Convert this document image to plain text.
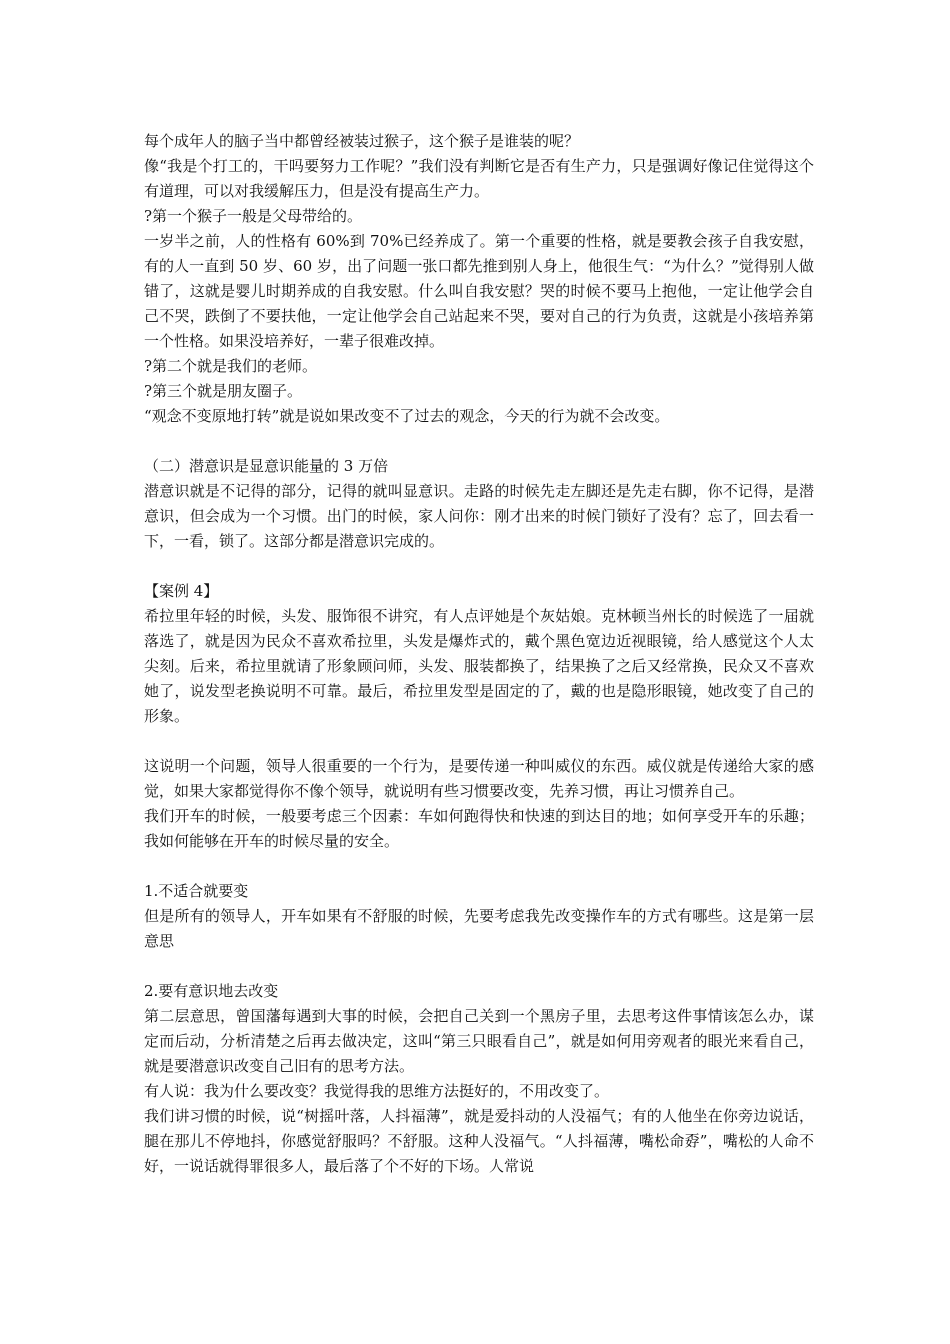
每个成年人的脑子当中都曾经被装过猴子，这个猴子是谁装的呢？

像“我是个打工的，干吗要努力工作呢？”我们没有判断它是否有生产力，只是强调好像记住觉得这个有道理，可以对我缓解压力，但是没有提高生产力。

?第一个猴子一般是父母带给的。

一岁半之前，人的性格有 60%到 70%已经养成了。第一个重要的性格，就是要教会孩子自我安慰，有的人一直到 50 岁、60 岁，出了问题一张口都先推到别人身上，他很生气：“为什么？”觉得别人做错了，这就是婴儿时期养成的自我安慰。什么叫自我安慰？哭的时候不要马上抱他，一定让他学会自己不哭，跌倒了不要扶他，一定让他学会自己站起来不哭，要对自己的行为负责，这就是小孩培养第一个性格。如果没培养好，一辈子很难改掉。

?第二个就是我们的老师。

?第三个就是朋友圈子。

“观念不变原地打转”就是说如果改变不了过去的观念，今天的行为就不会改变。

（二）潜意识是显意识能量的 3 万倍

潜意识就是不记得的部分，记得的就叫显意识。走路的时候先走左脚还是先走右脚，你不记得，是潜意识，但会成为一个习惯。出门的时候，家人问你：刚才出来的时候门锁好了没有？忘了，回去看一下，一看，锁了。这部分都是潜意识完成的。

【案例 4】

希拉里年轻的时候，头发、服饰很不讲究，有人点评她是个灰姑娘。克林顿当州长的时候选了一届就落选了，就是因为民众不喜欢希拉里，头发是爆炸式的，戴个黑色宽边近视眼镜，给人感觉这个人太尖刻。后来，希拉里就请了形象顾问师，头发、服装都换了，结果换了之后又经常换，民众又不喜欢她了，说发型老换说明不可靠。最后，希拉里发型是固定的了，戴的也是隐形眼镜，她改变了自己的形象。

这说明一个问题，领导人很重要的一个行为，是要传递一种叫威仪的东西。威仪就是传递给大家的感觉，如果大家都觉得你不像个领导，就说明有些习惯要改变，先养习惯，再让习惯养自己。

我们开车的时候，一般要考虑三个因素：车如何跑得快和快速的到达目的地；如何享受开车的乐趣；我如何能够在开车的时候尽量的安全。

1.不适合就要变

但是所有的领导人，开车如果有不舒服的时候，先要考虑我先改变操作车的方式有哪些。这是第一层意思

2.要有意识地去改变

第二层意思，曾国藩每遇到大事的时候，会把自己关到一个黑房子里，去思考这件事情该怎么办，谋定而后动，分析清楚之后再去做决定，这叫“第三只眼看自己”，就是如何用旁观者的眼光来看自己，就是要潜意识改变自己旧有的思考方法。

有人说：我为什么要改变？我觉得我的思维方法挺好的，不用改变了。

我们讲习惯的时候，说“树摇叶落，人抖福薄”，就是爱抖动的人没福气；有的人他坐在你旁边说话，腿在那儿不停地抖，你感觉舒服吗？不舒服。这种人没福气。“人抖福薄，嘴松命孬”，嘴松的人命不好，一说话就得罪很多人，最后落了个不好的下场。人常说
